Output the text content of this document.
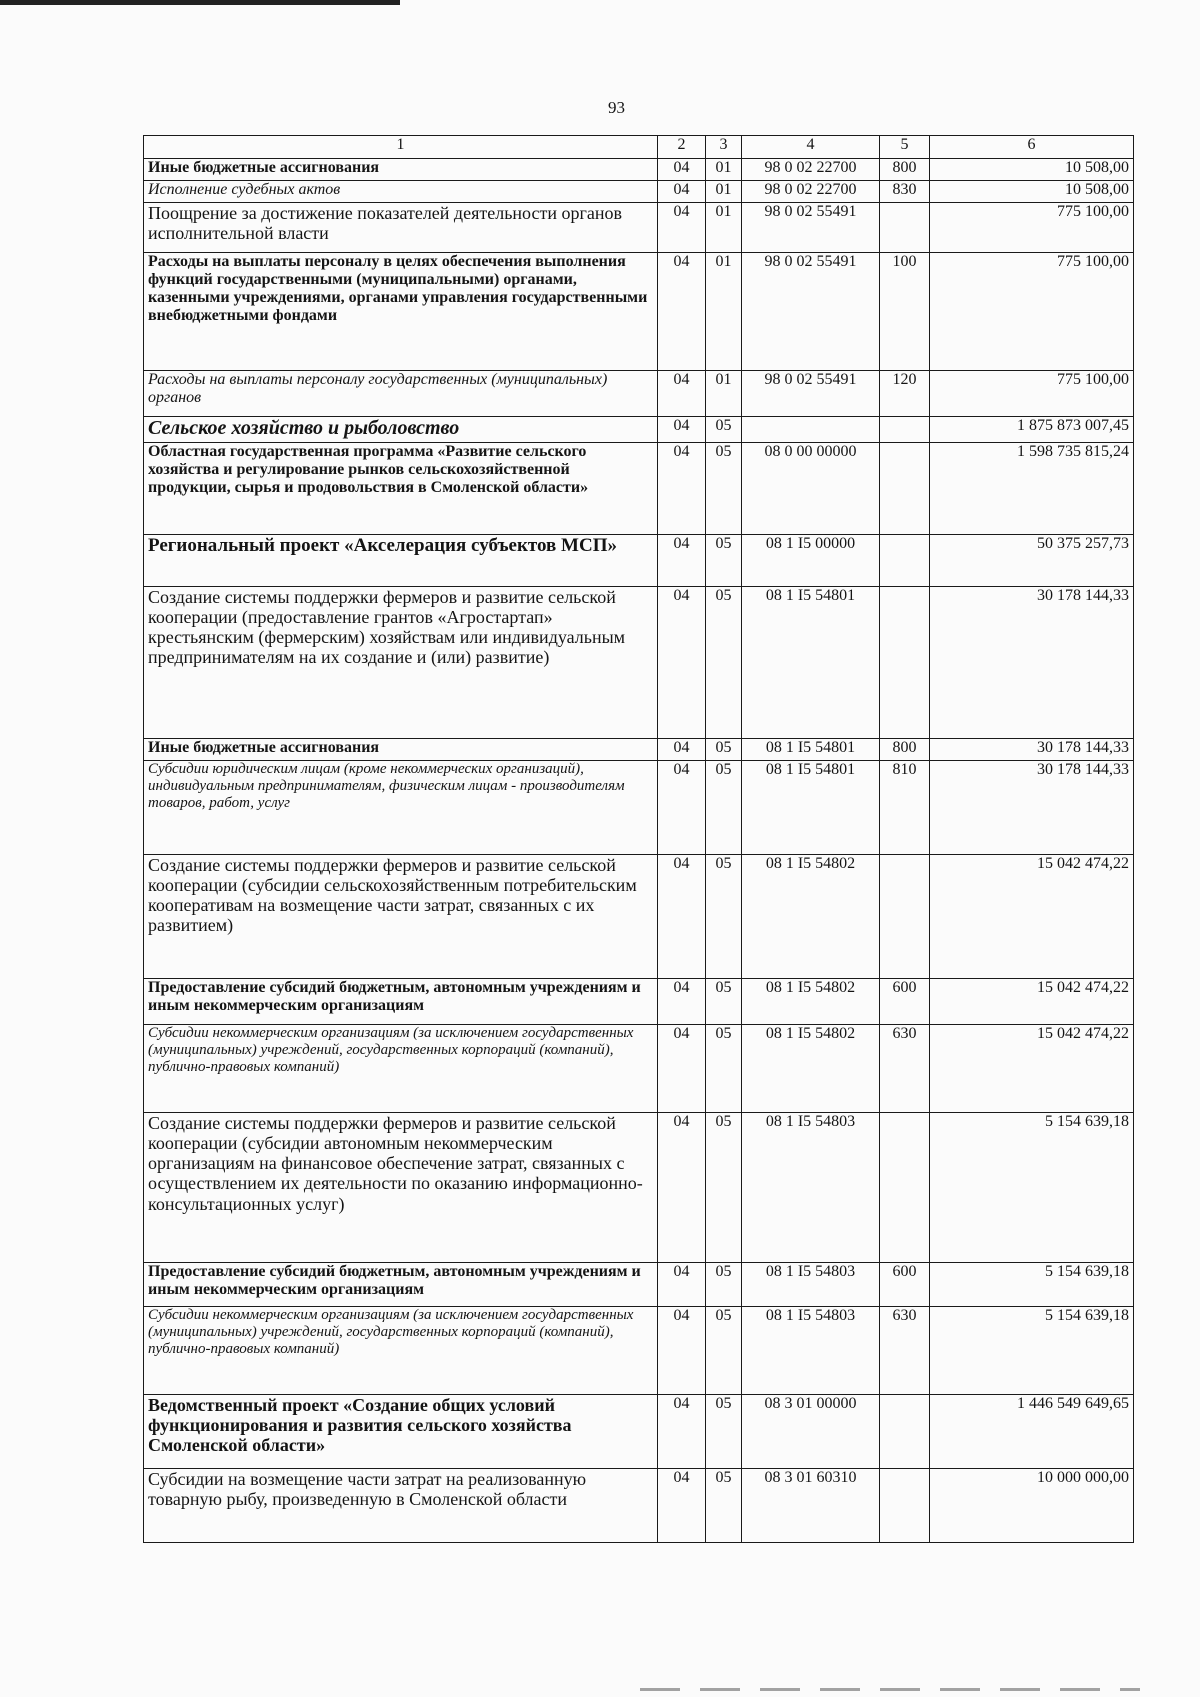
93
1	2	3	4	5	6
Иные бюджетные ассигнования	04	01	98 0 02 22700	800	10 508,00
Исполнение судебных актов	04	01	98 0 02 22700	830	10 508,00
Поощрение за достижение показателей деятельности органов исполнительной власти	04	01	98 0 02 55491		775 100,00
Расходы на выплаты персоналу в целях обеспечения выполнения функций государственными (муниципальными) органами, казенными учреждениями, органами управления государственными внебюджетными фондами	04	01	98 0 02 55491	100	775 100,00
Расходы на выплаты персоналу государственных (муниципальных) органов	04	01	98 0 02 55491	120	775 100,00
Сельское хозяйство и рыболовство	04	05			1 875 873 007,45
Областная государственная программа «Развитие сельского хозяйства и регулирование рынков сельскохозяйственной продукции, сырья и продовольствия в Смоленской области»	04	05	08 0 00 00000		1 598 735 815,24
Региональный проект «Акселерация субъектов МСП»	04	05	08 1 I5 00000		50 375 257,73
Создание системы поддержки фермеров и развитие сельской кооперации (предоставление грантов «Агростартап» крестьянским (фермерским) хозяйствам или индивидуальным предпринимателям на их создание и (или) развитие)	04	05	08 1 I5 54801		30 178 144,33
Иные бюджетные ассигнования	04	05	08 1 I5 54801	800	30 178 144,33
Субсидии юридическим лицам (кроме некоммерческих организаций), индивидуальным предпринимателям, физическим лицам - производителям товаров, работ, услуг	04	05	08 1 I5 54801	810	30 178 144,33
Создание системы поддержки фермеров и развитие сельской кооперации (субсидии сельскохозяйственным потребительским кооперативам на возмещение части затрат, связанных с их развитием)	04	05	08 1 I5 54802		15 042 474,22
Предоставление субсидий бюджетным, автономным учреждениям и иным некоммерческим организациям	04	05	08 1 I5 54802	600	15 042 474,22
Субсидии некоммерческим организациям (за исключением государственных (муниципальных) учреждений, государственных корпораций (компаний), публично-правовых компаний)	04	05	08 1 I5 54802	630	15 042 474,22
Создание системы поддержки фермеров и развитие сельской кооперации (субсидии автономным некоммерческим организациям на финансовое обеспечение затрат, связанных с осуществлением их деятельности по оказанию информационно-консультационных услуг)	04	05	08 1 I5 54803		5 154 639,18
Предоставление субсидий бюджетным, автономным учреждениям и иным некоммерческим организациям	04	05	08 1 I5 54803	600	5 154 639,18
Субсидии некоммерческим организациям (за исключением государственных (муниципальных) учреждений, государственных корпораций (компаний), публично-правовых компаний)	04	05	08 1 I5 54803	630	5 154 639,18
Ведомственный проект «Создание общих условий функционирования и развития сельского хозяйства Смоленской области»	04	05	08 3 01 00000		1 446 549 649,65
Субсидии на возмещение части затрат на реализованную товарную рыбу, произведенную в Смоленской области	04	05	08 3 01 60310		10 000 000,00
